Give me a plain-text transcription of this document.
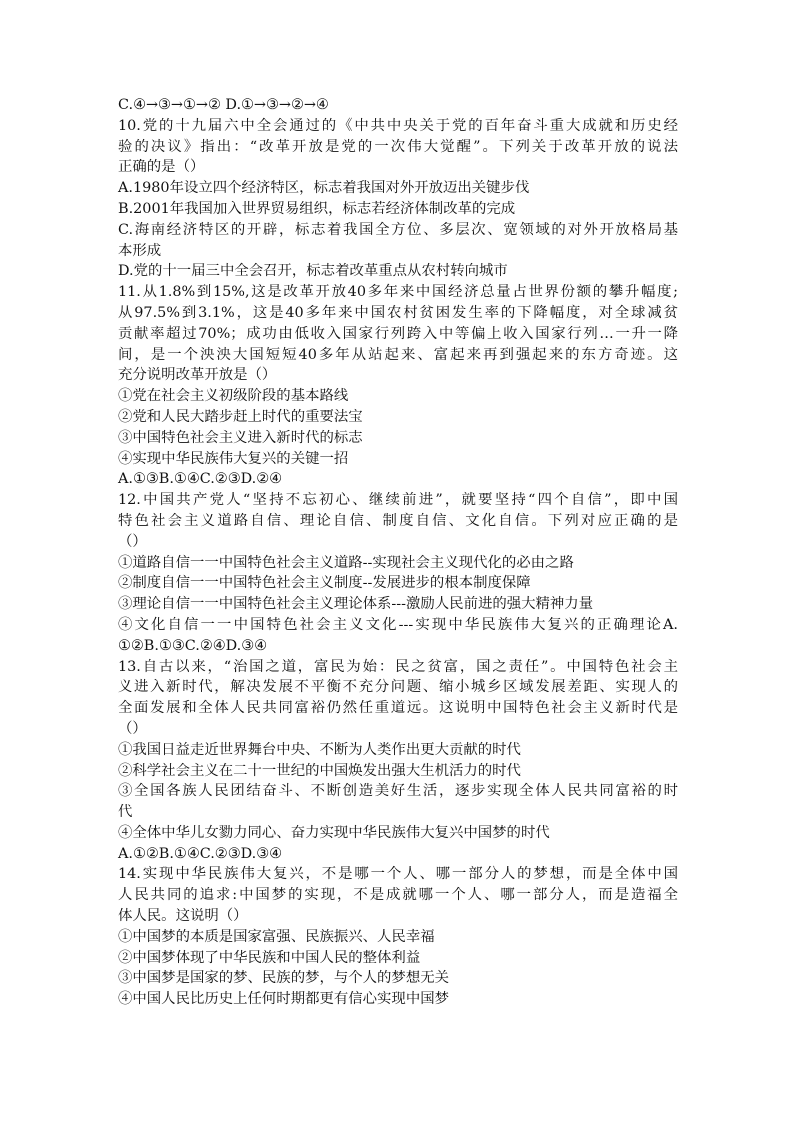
C.④→③→①→② D.①→③→②→④
10.党的十九届六中全会通过的《中共中央关于党的百年奋斗重大成就和历史经
验的决议》指出：“改革开放是党的一次伟大觉醒”。下列关于改革开放的说法
正确的是（）
A.1980年设立四个经济特区，标志着我国对外开放迈出关键步伐
B.2001年我国加入世界贸易组织，标志若经济体制改革的完成
C.海南经济特区的开辟，标志着我国全方位、多层次、宽领域的对外开放格局基
本形成
D.党的十一届三中全会召开，标志着改革重点从农村转向城市
11.从1.8%到15%,这是改革开放40多年来中国经济总量占世界份额的攀升幅度;
从97.5%到3.1%，这是40多年来中国农村贫困发生率的下降幅度，对全球减贫
贡献率超过70%；成功由低收入国家行列跨入中等偏上收入国家行列…一升一降
间，是一个泱泱大国短短40多年从站起来、富起来再到强起来的东方奇迹。这
充分说明改革开放是（）
①党在社会主义初级阶段的基本路线
②党和人民大踏步赶上时代的重要法宝
③中国特色社会主义进入新时代的标志
④实现中华民族伟大复兴的关键一招
A.①③B.①④C.②③D.②④
12.中国共产党人“坚持不忘初心、继续前进”，就要坚持“四个自信”，即中国
特色社会主义道路自信、理论自信、制度自信、文化自信。下列对应正确的是
（）
①道路自信一一中国特色社会主义道路--实现社会主义现代化的必由之路
②制度自信一一中国特色社会主义制度--发展进步的根本制度保障
③理论自信一一中国特色社会主义理论体系---激励人民前进的强大精神力量
④文化自信一一中国特色社会主义文化---实现中华民族伟大复兴的正确理论A.
①②B.①③C.②④D.③④
13.自古以来，“治国之道，富民为始：民之贫富，国之责任”。中国特色社会主
义进入新时代，解决发展不平衡不充分问题、缩小城乡区域发展差距、实现人的
全面发展和全体人民共同富裕仍然任重道远。这说明中国特色社会主义新时代是
（）
①我国日益走近世界舞台中央、不断为人类作出更大贡献的时代
②科学社会主义在二十一世纪的中国焕发出强大生机活力的时代
③全国各族人民团结奋斗、不断创造美好生活，逐步实现全体人民共同富裕的时
代
④全体中华儿女勠力同心、奋力实现中华民族伟大复兴中国梦的时代
A.①②B.①④C.②③D.③④
14.实现中华民族伟大复兴，不是哪一个人、哪一部分人的梦想，而是全体中国
人民共同的追求:中国梦的实现，不是成就哪一个人、哪一部分人，而是造福全
体人民。这说明（）
①中国梦的本质是国家富强、民族振兴、人民幸福
②中国梦体现了中华民族和中国人民的整体利益
③中国梦是国家的梦、民族的梦，与个人的梦想无关
④中国人民比历史上任何时期都更有信心实现中国梦
